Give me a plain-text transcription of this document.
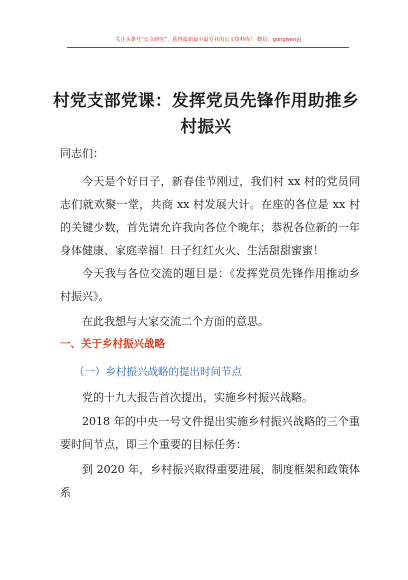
关注头条号“公文研究”，获得最新最全最专业的公文资料库！ 微信：gongwenyj
村党支部党课：发挥党员先锋作用助推乡村振兴
同志们：
今天是个好日子，新春佳节刚过，我们村 xx 村的党员同志们就欢聚一堂，共商 xx 村发展大计。在座的各位是 xx 村的关键少数，首先请允许我向各位个晚年；恭祝各位新的一年身体健康、家庭幸福！日子红红火火、生活甜甜蜜蜜！
今天我与各位交流的题目是：《发挥党员先锋作用推动乡村振兴》。
在此我想与大家交流二个方面的意思。
一、关于乡村振兴战略
（一）乡村振兴战略的提出时间节点
党的十九大报告首次提出，实施乡村振兴战略。
2018 年的中央一号文件提出实施乡村振兴战略的三个重要时间节点，即三个重要的目标任务：
到 2020 年，乡村振兴取得重要进展，制度框架和政策体系
